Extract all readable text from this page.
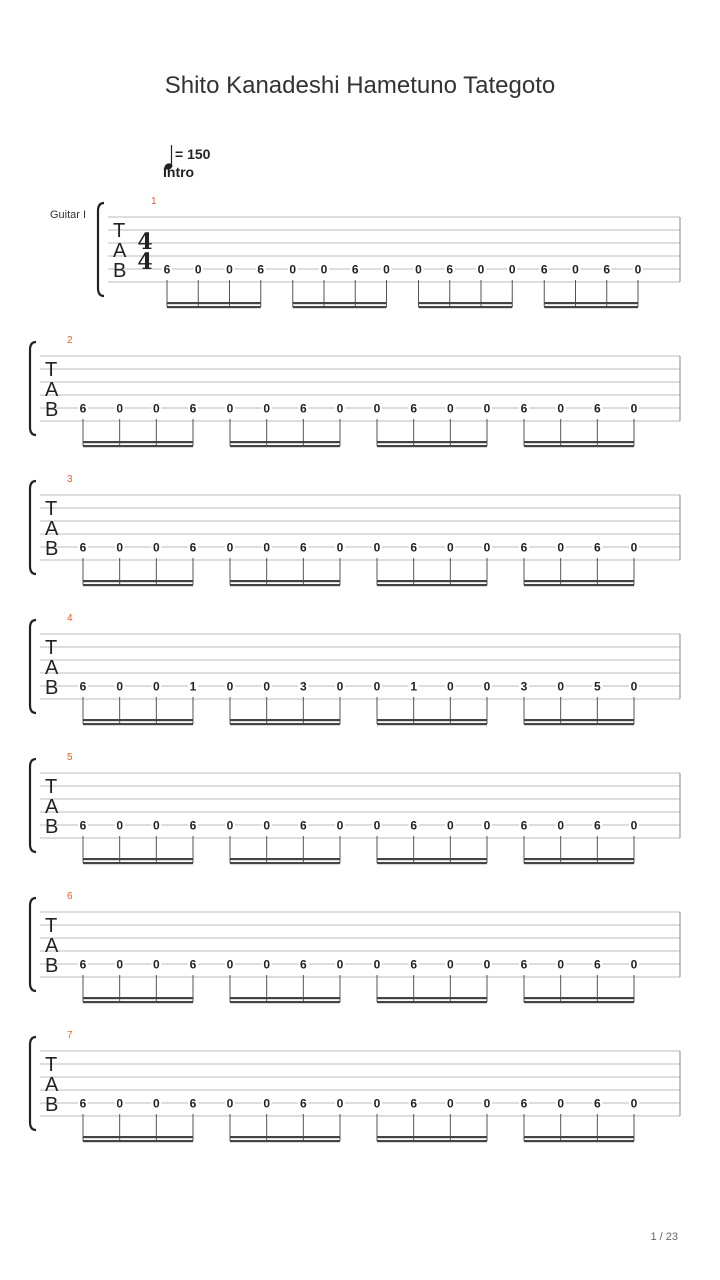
Shito Kanadeshi Hametuno Tategoto
= 150
Intro
Guitar I
T
A
B
4
4
1
6 0 0 6 0 0 6 0 0 6 0 0 6 0 6 0
T
A
B
2
6 0 0 6	0 0 6 0	0 6 0 0	6 0 6 0
T
A
B
3
6 0 0 6	0 0 6 0	0 6 0 0	6 0 6 0
T
A
B
4
6 0 0 1	0 0 3 0	0 1 0 0	3 0 5 0
T
A
B
5
6 0 0 6	0 0 6 0	0 6 0 0	6 0 6 0
T
A
B
6
6 0 0 6	0 0 6 0	0 6 0 0	6 0 6 0
T
A
B
7
6 0 0 6	0 0 6 0	0 6 0 0	6 0 6 0
1 / 23
